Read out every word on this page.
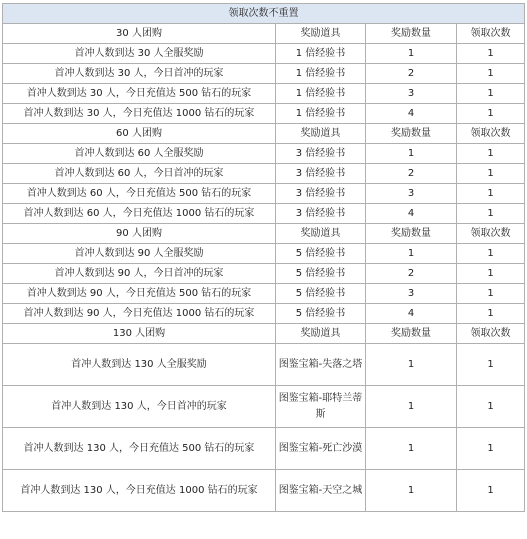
领取次数不重置			
30 人团购	奖励道具	奖励数量	领取次数
首冲人数到达 30 人全服奖励	1 倍经验书	1	1
首冲人数到达 30 人，今日首冲的玩家	1 倍经验书	2	1
首冲人数到达 30 人，今日充值达 500 钻石的玩家	1 倍经验书	3	1
首冲人数到达 30 人，今日充值达 1000 钻石的玩家	1 倍经验书	4	1
60 人团购	奖励道具	奖励数量	领取次数
首冲人数到达 60 人全服奖励	3 倍经验书	1	1
首冲人数到达 60 人，今日首冲的玩家	3 倍经验书	2	1
首冲人数到达 60 人，今日充值达 500 钻石的玩家	3 倍经验书	3	1
首冲人数到达 60 人，今日充值达 1000 钻石的玩家	3 倍经验书	4	1
90 人团购	奖励道具	奖励数量	领取次数
首冲人数到达 90 人全服奖励	5 倍经验书	1	1
首冲人数到达 90 人，今日首冲的玩家	5 倍经验书	2	1
首冲人数到达 90 人，今日充值达 500 钻石的玩家	5 倍经验书	3	1
首冲人数到达 90 人，今日充值达 1000 钻石的玩家	5 倍经验书	4	1
130 人团购	奖励道具	奖励数量	领取次数
首冲人数到达 130 人全服奖励	图鉴宝箱-失落之塔	1	1
首冲人数到达 130 人，今日首冲的玩家	图鉴宝箱-耶特兰蒂斯	1	1
首冲人数到达 130 人，今日充值达 500 钻石的玩家	图鉴宝箱-死亡沙漠	1	1
首冲人数到达 130 人，今日充值达 1000 钻石的玩家	图鉴宝箱-天空之城	1	1
